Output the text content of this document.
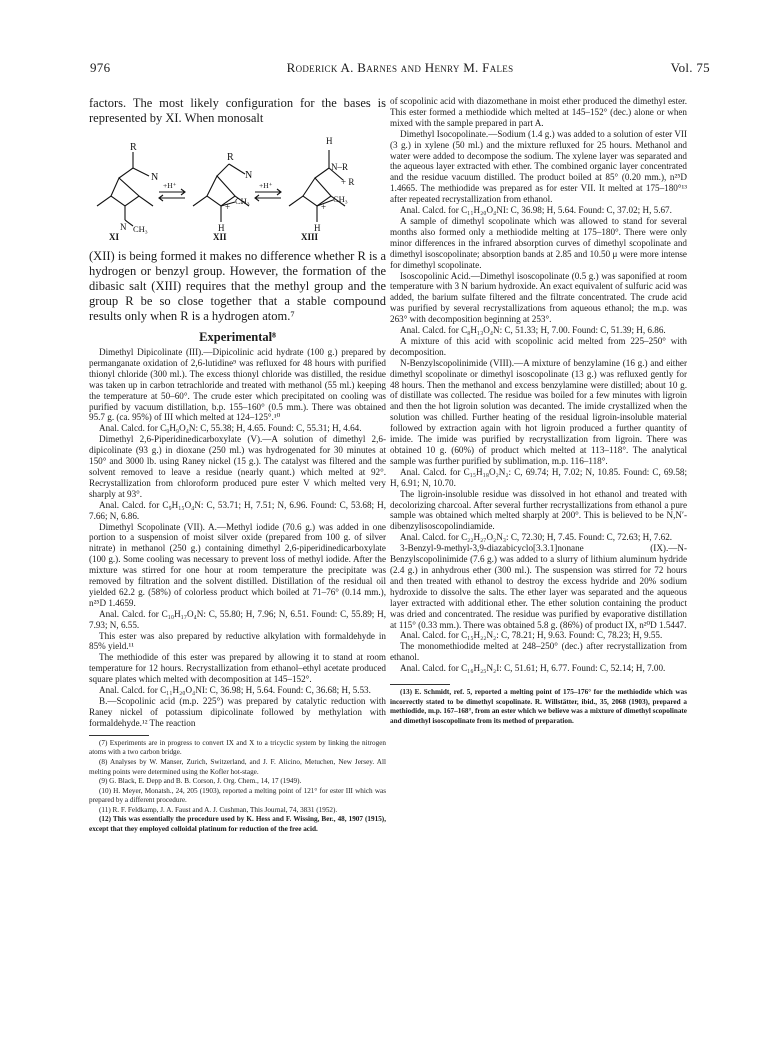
976	Roderick A. Barnes and Henry M. Fales	Vol. 75

factors. The most likely configuration for the bases is represented by XI. When monosalt

R
N
N CH₃
R
N
+
CH₃
H
H
N–R
+ R
+
CH₃
H
+H⁺	+H⁺
XI	XII	XIII

(XII) is being formed it makes no difference whether R is a hydrogen or benzyl group. However, the formation of the dibasic salt (XIII) requires that the methyl group and the group R be so close together that a stable compound results only when R is a hydrogen atom.⁷

Experimental⁸

Dimethyl Dipicolinate (III).—Dipicolinic acid hydrate (100 g.) prepared by permanganate oxidation of 2,6-lutidine⁹ was refluxed for 48 hours with purified thionyl chloride (300 ml.). The excess thionyl chloride was distilled, the residue was taken up in carbon tetrachloride and treated with methanol (55 ml.) keeping the temperature at 50–60°. The crude ester which precipitated on cooling was purified by vacuum distillation, b.p. 155–160° (0.5 mm.). There was obtained 95.7 g. (ca. 95%) of III which melted at 124–125°.¹⁰

Anal. Calcd. for C₉H₉O₄N: C, 55.38; H, 4.65. Found: C, 55.31; H, 4.64.

Dimethyl 2,6-Piperidinedicarboxylate (V).—A solution of dimethyl 2,6-dipicolinate (93 g.) in dioxane (250 ml.) was hydrogenated for 30 minutes at 150° and 3000 lb. using Raney nickel (15 g.). The catalyst was filtered and the solvent removed to leave a residue (nearly quant.) which melted at 92°. Recrystallization from chloroform produced pure ester V which melted very sharply at 93°.

Anal. Calcd. for C₉H₁₅O₄N: C, 53.71; H, 7.51; N, 6.96. Found: C, 53.68; H, 7.66; N, 6.86.

Dimethyl Scopolinate (VII). A.—Methyl iodide (70.6 g.) was added in one portion to a suspension of moist silver oxide (prepared from 100 g. of silver nitrate) in methanol (250 g.) containing dimethyl 2,6-piperidinedicarboxylate (100 g.). Some cooling was necessary to prevent loss of methyl iodide. After the mixture was stirred for one hour at room temperature the precipitate was removed by filtration and the solvent distilled. Distillation of the residual oil yielded 62.2 g. (58%) of colorless product which boiled at 71–76° (0.14 mm.), n²⁵D 1.4659.

Anal. Calcd. for C₁₀H₁₇O₄N: C, 55.80; H, 7.96; N, 6.51. Found: C, 55.89; H, 7.93; N, 6.55.

This ester was also prepared by reductive alkylation with formaldehyde in 85% yield.¹¹

The methiodide of this ester was prepared by allowing it to stand at room temperature for 12 hours. Recrystallization from ethanol–ethyl acetate produced square plates which melted with decomposition at 145–152°.

Anal. Calcd. for C₁₁H₂₀O₄NI: C, 36.98; H, 5.64. Found: C, 36.68; H, 5.53.

B.—Scopolinic acid (m.p. 225°) was prepared by catalytic reduction with Raney nickel of potassium dipicolinate followed by methylation with formaldehyde.¹² The reaction

(7) Experiments are in progress to convert IX and X to a tricyclic system by linking the nitrogen atoms with a two carbon bridge.

(8) Analyses by W. Manser, Zurich, Switzerland, and J. F. Alicino, Metuchen, New Jersey. All melting points were determined using the Kofler hot-stage.

(9) G. Black, E. Depp and B. B. Corson, J. Org. Chem., 14, 17 (1949).

(10) H. Meyer, Monatsh., 24, 205 (1903), reported a melting point of 121° for ester III which was prepared by a different procedure.

(11) R. F. Feldkamp, J. A. Faust and A. J. Cushman, This Journal, 74, 3831 (1952).

(12) This was essentially the procedure used by K. Hess and F. Wissing, Ber., 48, 1907 (1915), except that they employed colloidal platinum for reduction of the free acid.

of scopolinic acid with diazomethane in moist ether produced the dimethyl ester. This ester formed a methiodide which melted at 145–152° (dec.) alone or when mixed with the sample prepared in part A.

Dimethyl Isocopolinate.—Sodium (1.4 g.) was added to a solution of ester VII (3 g.) in xylene (50 ml.) and the mixture refluxed for 25 hours. Methanol and water were added to decompose the sodium. The xylene layer was separated and the aqueous layer extracted with ether. The combined organic layer concentrated and the residue vacuum distilled. The product boiled at 85° (0.20 mm.), n²⁵D 1.4665. The methiodide was prepared as for ester VII. It melted at 175–180°¹³ after repeated recrystallization from ethanol.

Anal. Calcd. for C₁₁H₂₀O₄NI: C, 36.98; H, 5.64. Found: C, 37.02; H, 5.67.

A sample of dimethyl scopolinate which was allowed to stand for several months also formed only a methiodide melting at 175–180°. There were only minor differences in the infrared absorption curves of dimethyl scopolinate and dimethyl isoscopolinate; absorption bands at 2.85 and 10.50 μ were more intense for dimethyl scopolinate.

Isoscopolinic Acid.—Dimethyl isoscopolinate (0.5 g.) was saponified at room temperature with 3 N barium hydroxide. An exact equivalent of sulfuric acid was added, the barium sulfate filtered and the filtrate concentrated. The crude acid was purified by several recrystallizations from aqueous ethanol; the m.p. was 263° with decomposition beginning at 253°.

Anal. Calcd. for C₈H₁₃O₄N: C, 51.33; H, 7.00. Found: C, 51.39; H, 6.86.

A mixture of this acid with scopolinic acid melted from 225–250° with decomposition.

N-Benzylscopolinimide (VIII).—A mixture of benzylamine (16 g.) and either dimethyl scopolinate or dimethyl isoscopolinate (13 g.) was refluxed gently for 48 hours. Then the methanol and excess benzylamine were distilled; about 10 g. of distillate was collected. The residue was boiled for a few minutes with ligroin and then the hot ligroin solution was decanted. The imide crystallized when the solution was chilled. Further heating of the residual ligroin-insoluble material followed by extraction again with hot ligroin produced a further quantity of imide. The imide was purified by recrystallization from ligroin. There was obtained 10 g. (60%) of product which melted at 113–118°. The analytical sample was further purified by sublimation, m.p. 116–118°.

Anal. Calcd. for C₁₅H₁₈O₂N₂: C, 69.74; H, 7.02; N, 10.85. Found: C, 69.58; H, 6.91; N, 10.70.

The ligroin-insoluble residue was dissolved in hot ethanol and treated with decolorizing charcoal. After several further recrystallizations from ethanol a pure sample was obtained which melted sharply at 200°. This is believed to be N,N′-dibenzylisoscopolindiamide.

Anal. Calcd. for C₂₂H₂₇O₂N₃: C, 72.30; H, 7.45. Found: C, 72.63; H, 7.62.

3-Benzyl-9-methyl-3,9-diazabicyclo[3.3.1]nonane (IX).—N-Benzylscopolinimide (7.6 g.) was added to a slurry of lithium aluminum hydride (2.4 g.) in anhydrous ether (300 ml.). The suspension was stirred for 72 hours and then treated with ethanol to destroy the excess hydride and 20% sodium hydroxide to dissolve the salts. The ether layer was separated and the aqueous layer extracted with additional ether. The ether solution containing the product was dried and concentrated. The residue was purified by evaporative distillation at 115° (0.33 mm.). There was obtained 5.8 g. (86%) of product IX, n²⁰D 1.5447.

Anal. Calcd. for C₁₅H₂₂N₂: C, 78.21; H, 9.63. Found: C, 78.23; H, 9.55.

The monomethiodide melted at 248–250° (dec.) after recrystallization from ethanol.

Anal. Calcd. for C₁₆H₂₅N₂I: C, 51.61; H, 6.77. Found: C, 52.14; H, 7.00.

(13) E. Schmidt, ref. 5, reported a melting point of 175–176° for the methiodide which was incorrectly stated to be dimethyl scopolinate. R. Willstätter, ibid., 35, 2068 (1903), prepared a methiodide, m.p. 167–168°, from an ester which we believe was a mixture of dimethyl scopolinate and dimethyl isoscopolinate from its method of preparation.
